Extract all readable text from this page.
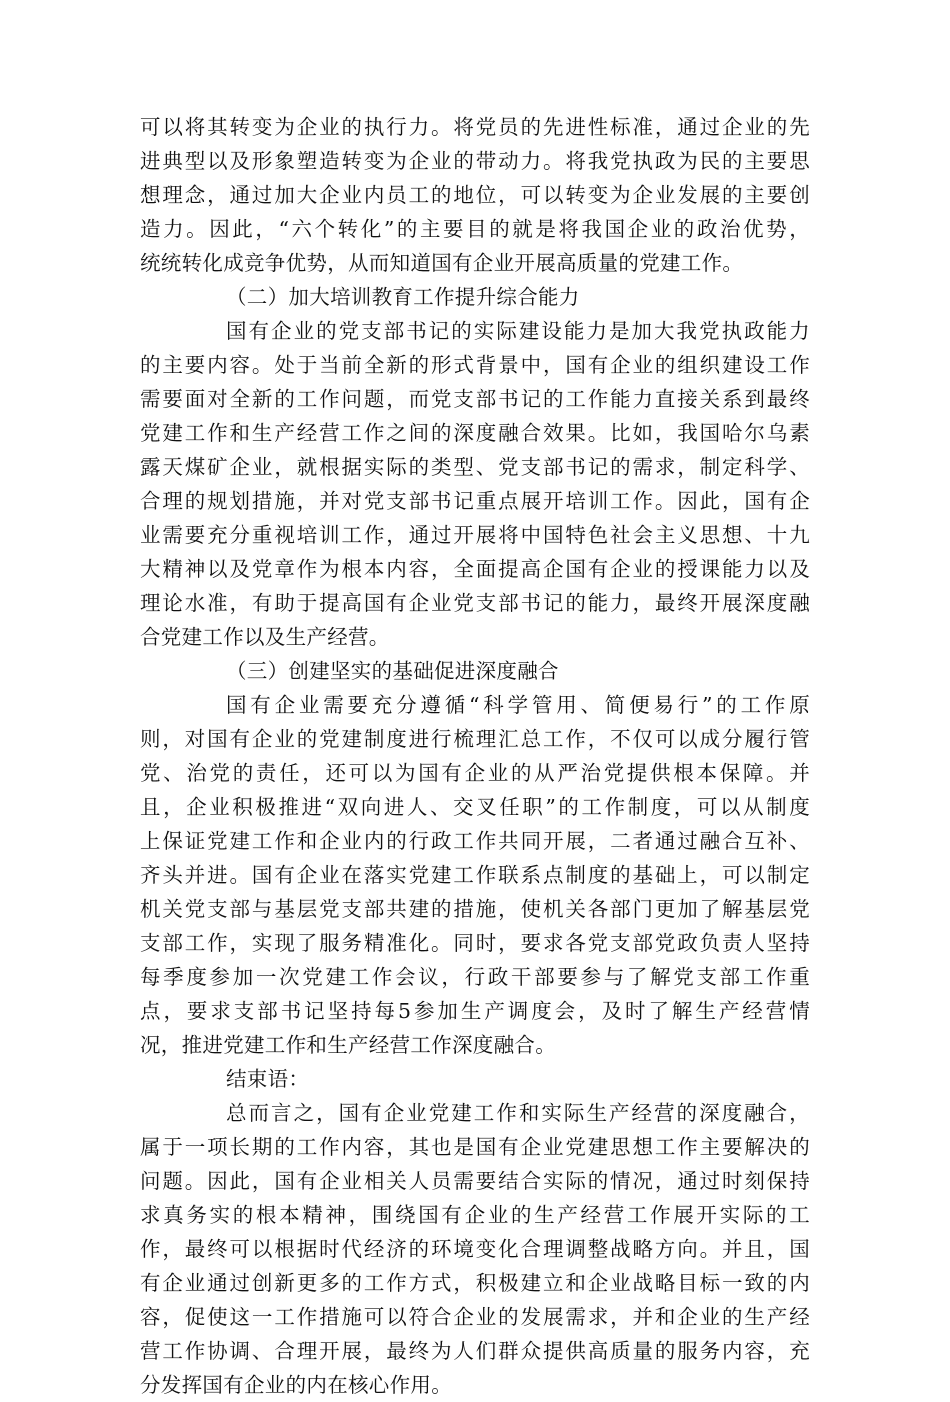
可以将其转变为企业的执行力。将党员的先进性标准，通过企业的先
进典型以及形象塑造转变为企业的带动力。将我党执政为民的主要思
想理念，通过加大企业内员工的地位，可以转变为企业发展的主要创
造力。因此，“六个转化”的主要目的就是将我国企业的政治优势，
统统转化成竞争优势，从而知道国有企业开展高质量的党建工作。
（二）加大培训教育工作提升综合能力
国有企业的党支部书记的实际建设能力是加大我党执政能力
的主要内容。处于当前全新的形式背景中，国有企业的组织建设工作
需要面对全新的工作问题，而党支部书记的工作能力直接关系到最终
党建工作和生产经营工作之间的深度融合效果。比如，我国哈尔乌素
露天煤矿企业，就根据实际的类型、党支部书记的需求，制定科学、
合理的规划措施，并对党支部书记重点展开培训工作。因此，国有企
业需要充分重视培训工作，通过开展将中国特色社会主义思想、十九
大精神以及党章作为根本内容，全面提高企国有企业的授课能力以及
理论水准，有助于提高国有企业党支部书记的能力，最终开展深度融
合党建工作以及生产经营。
（三）创建坚实的基础促进深度融合
国有企业需要充分遵循“科学管用、简便易行”的工作原
则，对国有企业的党建制度进行梳理汇总工作，不仅可以成分履行管
党、治党的责任，还可以为国有企业的从严治党提供根本保障。并
且，企业积极推进“双向进人、交叉任职”的工作制度，可以从制度
上保证党建工作和企业内的行政工作共同开展，二者通过融合互补、
齐头并进。国有企业在落实党建工作联系点制度的基础上，可以制定
机关党支部与基层党支部共建的措施，使机关各部门更加了解基层党
支部工作，实现了服务精准化。同时，要求各党支部党政负责人坚持
每季度参加一次党建工作会议，行政干部要参与了解党支部工作重
点，要求支部书记坚持每5参加生产调度会，及时了解生产经营情
况，推进党建工作和生产经营工作深度融合。
结束语：
总而言之，国有企业党建工作和实际生产经营的深度融合，
属于一项长期的工作内容，其也是国有企业党建思想工作主要解决的
问题。因此，国有企业相关人员需要结合实际的情况，通过时刻保持
求真务实的根本精神，围绕国有企业的生产经营工作展开实际的工
作，最终可以根据时代经济的环境变化合理调整战略方向。并且，国
有企业通过创新更多的工作方式，积极建立和企业战略目标一致的内
容，促使这一工作措施可以符合企业的发展需求，并和企业的生产经
营工作协调、合理开展，最终为人们群众提供高质量的服务内容，充
分发挥国有企业的内在核心作用。
